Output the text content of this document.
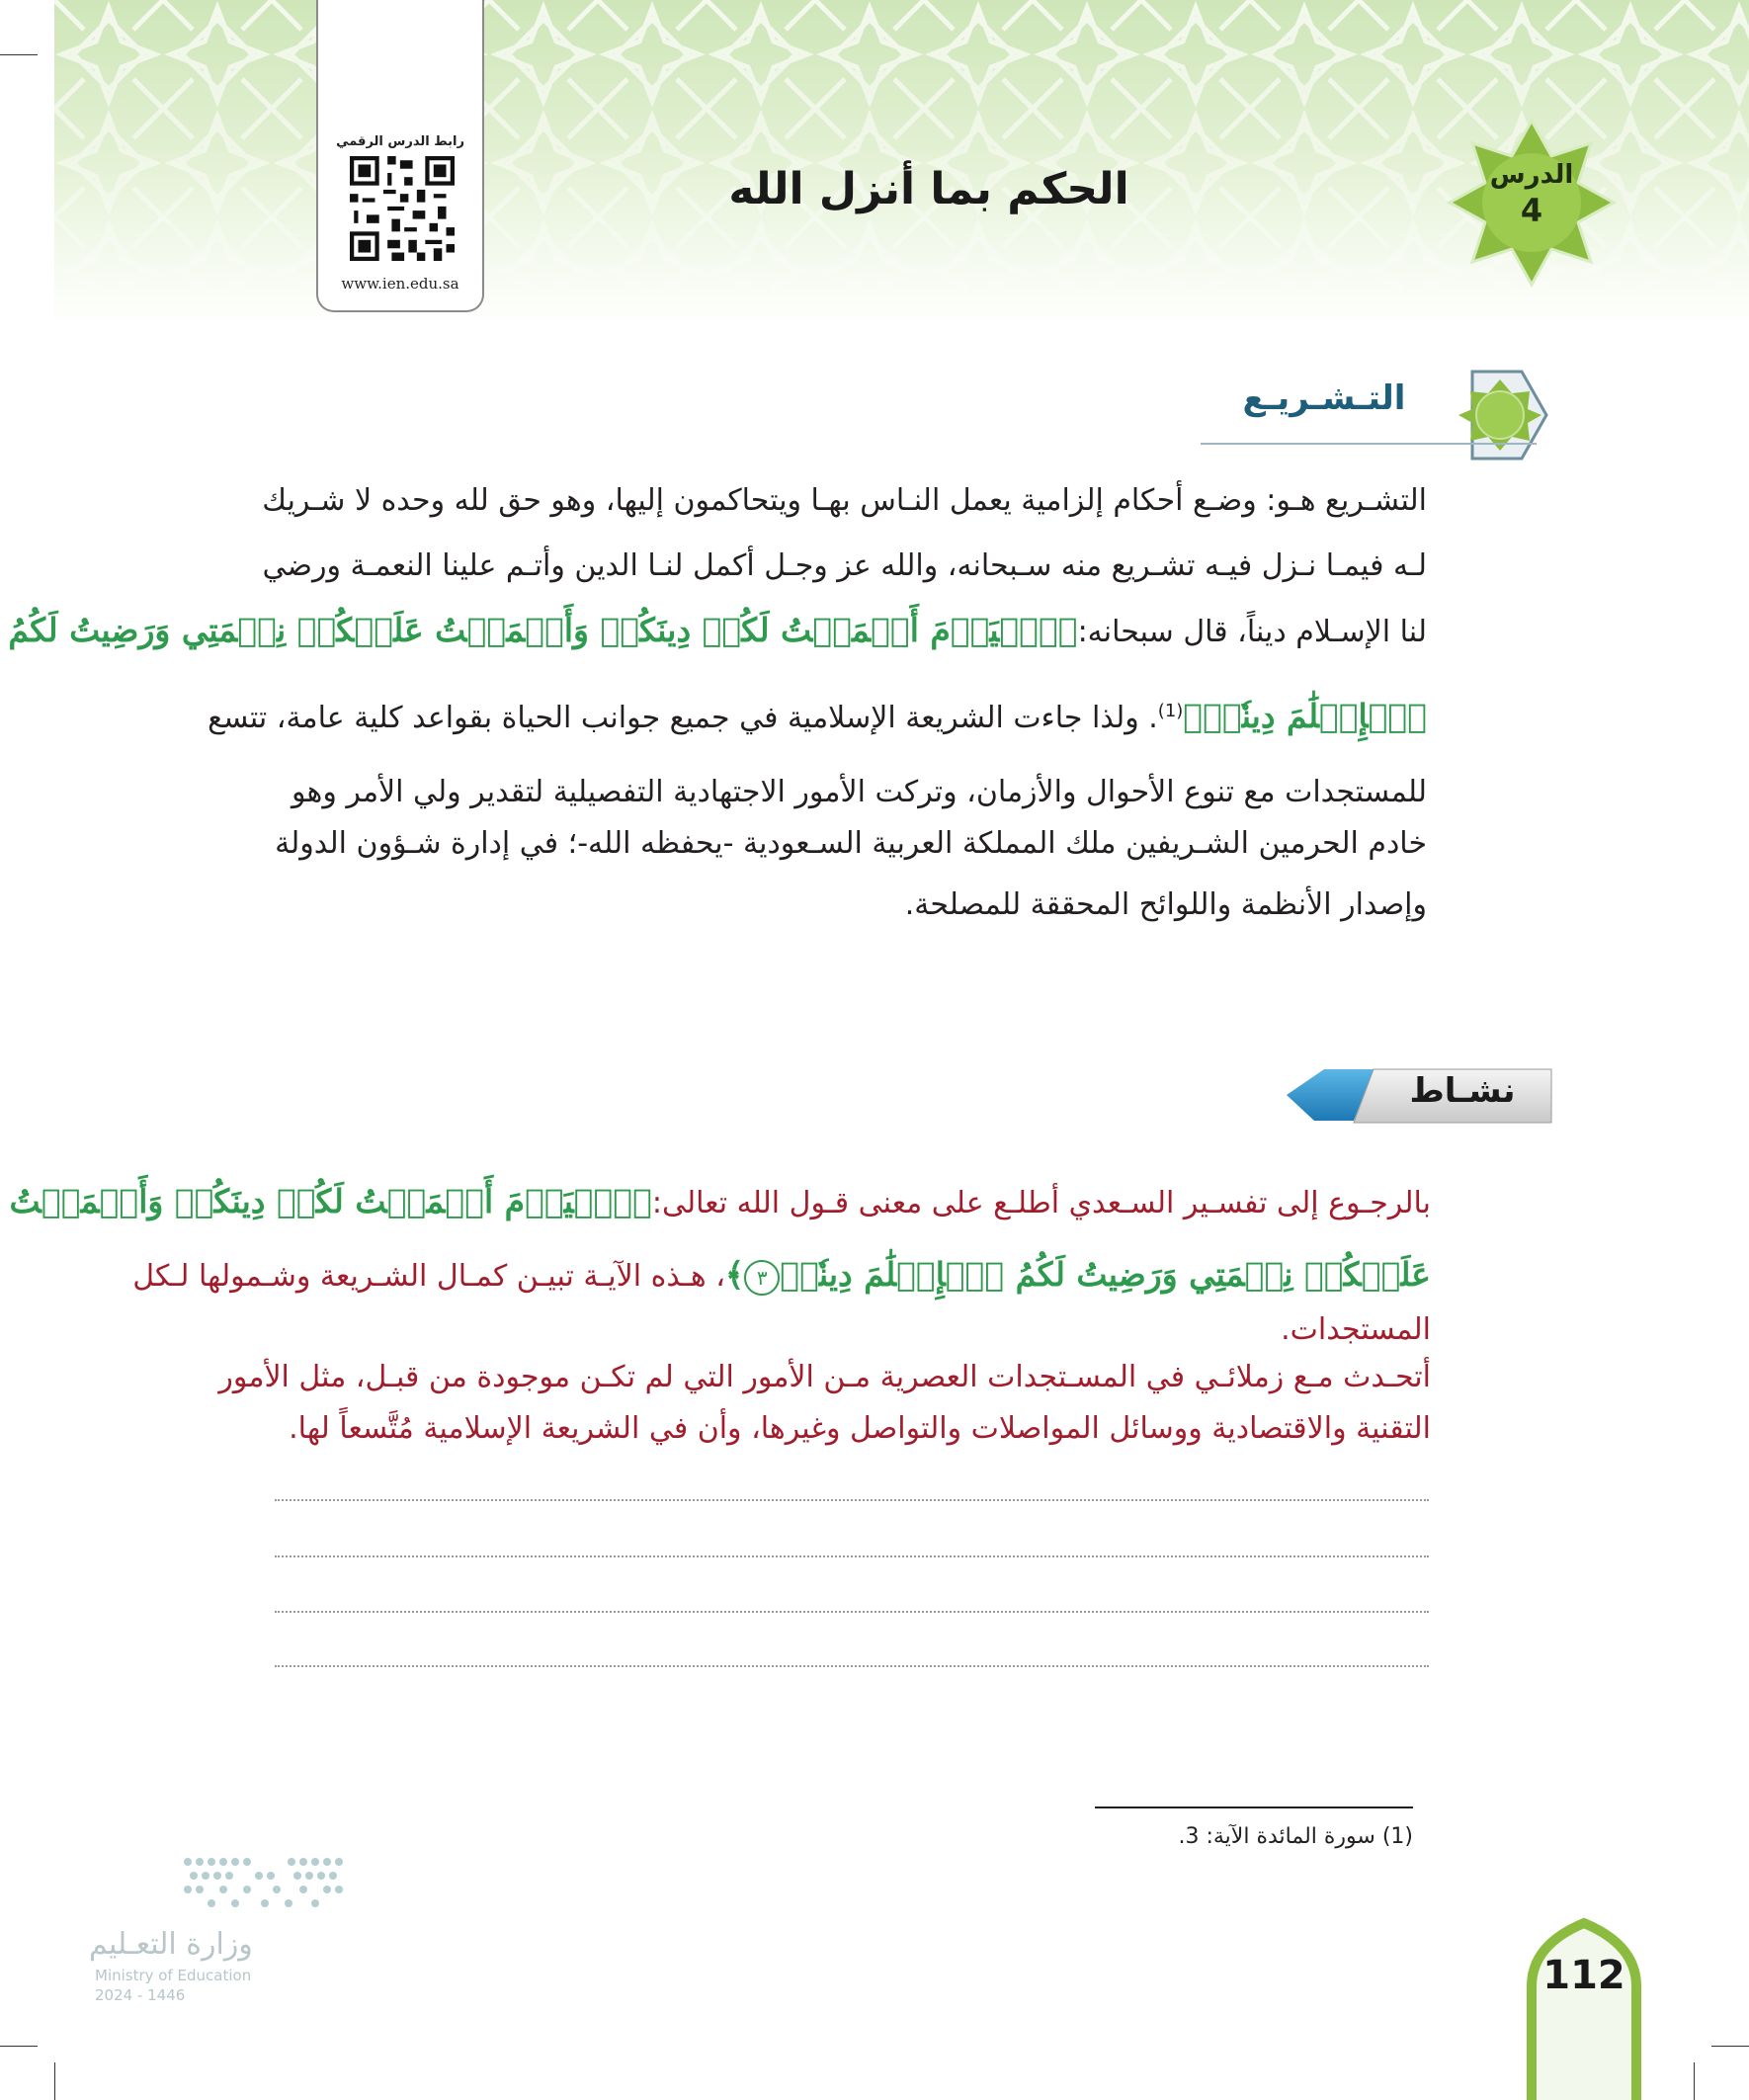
رابط الدرس الرقمي
www.ien.edu.sa
الحكم بما أنزل الله	الدرس
4
التـشـريـع
التشـريع هـو: وضـع أحكام إلزامية يعمل النـاس بهـا ويتحاكمون إليها، وهو حق لله وحده لا شـريك
لـه فيمـا نـزل فيـه تشـريع منه سـبحانه، والله عز وجـل أكمل لنـا الدين وأتـم علينا النعمـة ورضي
لنا الإسـلام ديناً، قال سبحانه:﴿ٱلۡيَوۡمَ أَكۡمَلۡتُ لَكُمۡ دِينَكُمۡ وَأَتۡمَمۡتُ عَلَيۡكُمۡ نِعۡمَتِي وَرَضِيتُ لَكُمُ
ٱلۡإِسۡلَٰمَ دِينٗاۚ﴾$^{(1)}$. ولذا جاءت الشريعة الإسلامية في جميع جوانب الحياة بقواعد كلية عامة، تتسع
للمستجدات مع تنوع الأحوال والأزمان، وتركت الأمور الاجتهادية التفصيلية لتقدير ولي الأمر وهو
خادم الحرمين الشـريفين ملك المملكة العربية السـعودية -يحفظه الله-؛ في إدارة شـؤون الدولة
وإصدار الأنظمة واللوائح المحققة للمصلحة.
نشـاط
بالرجـوع إلى تفسـير السـعدي أطلـع على معنى قـول الله تعالى:﴿ٱلۡيَوۡمَ أَكۡمَلۡتُ لَكُمۡ دِينَكُمۡ وَأَتۡمَمۡتُ
عَلَيۡكُمۡ نِعۡمَتِي وَرَضِيتُ لَكُمُ ٱلۡإِسۡلَٰمَ دِينٗاۚ٣﴾، هـذه الآيـة تبيـن كمـال الشـريعة وشـمولها لـكل
المستجدات.
أتحـدث مـع زملائـي في المسـتجدات العصرية مـن الأمور التي لم تكـن موجودة من قبـل، مثل الأمور
التقنية والاقتصادية ووسائل المواصلات والتواصل وغيرها، وأن في الشريعة الإسلامية مُتَّسعاً لها.
(1) سورة المائدة الآية: 3.
وزارة التعـليم
Ministry of Education
2024 - 1446	112
